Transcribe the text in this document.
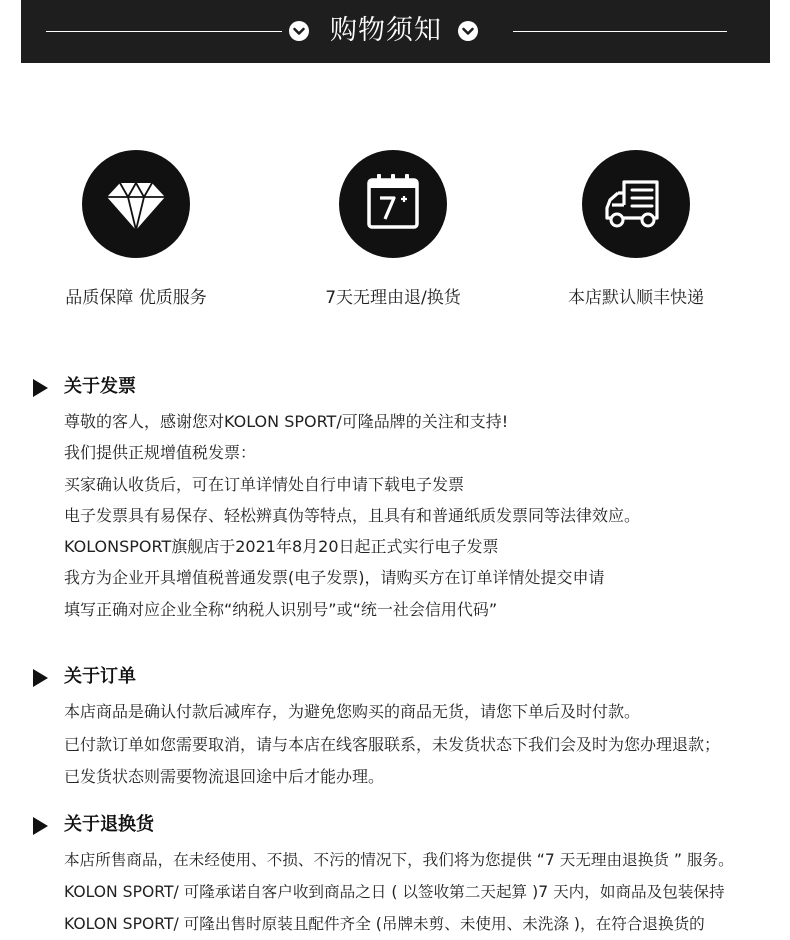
购物须知
品质保障 优质服务	7天无理由退/换货	本店默认顺丰快递
关于发票
尊敬的客人，感谢您对KOLON SPORT/可隆品牌的关注和支持!
我们提供正规增值税发票：
买家确认收货后，可在订单详情处自行申请下载电子发票
电子发票具有易保存、轻松辨真伪等特点，且具有和普通纸质发票同等法律效应。
KOLONSPORT旗舰店于2021年8月20日起正式实行电子发票
我方为企业开具增值税普通发票(电子发票)，请购买方在订单详情处提交申请
填写正确对应企业全称“纳税人识别号”或“统一社会信用代码”
关于订单
本店商品是确认付款后减库存，为避免您购买的商品无货，请您下单后及时付款。
已付款订单如您需要取消，请与本店在线客服联系，未发货状态下我们会及时为您办理退款；
已发货状态则需要物流退回途中后才能办理。
关于退换货
本店所售商品，在未经使用、不损、不污的情况下，我们将为您提供 “7 天无理由退换货 ” 服务。
KOLON SPORT/ 可隆承诺自客户收到商品之日 ( 以签收第二天起算 )7 天内，如商品及包装保持
KOLON SPORT/ 可隆出售时原装且配件齐全 (吊牌未剪、未使用、未洗涤 )，在符合退换货的
